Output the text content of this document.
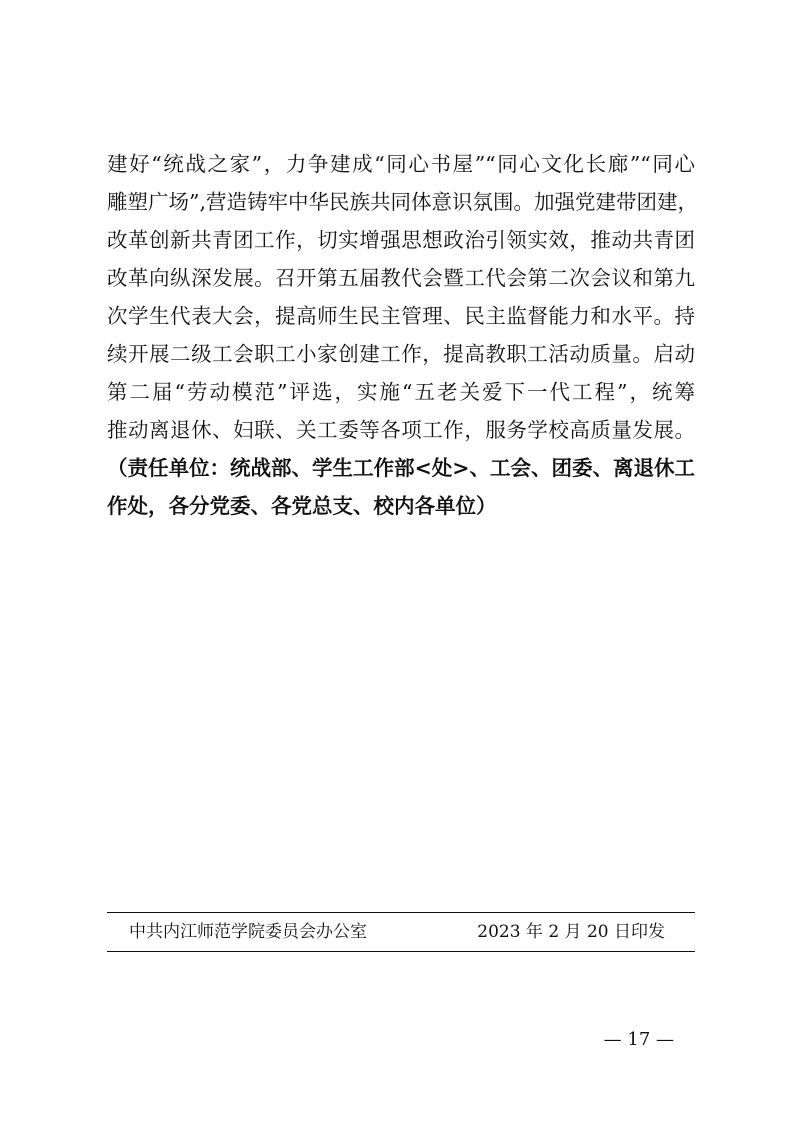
建好“统战之家”，力争建成“同心书屋”“同心文化长廊”“同心
雕塑广场”,营造铸牢中华民族共同体意识氛围。加强党建带团建，
改革创新共青团工作，切实增强思想政治引领实效，推动共青团
改革向纵深发展。召开第五届教代会暨工代会第二次会议和第九
次学生代表大会，提高师生民主管理、民主监督能力和水平。持
续开展二级工会职工小家创建工作，提高教职工活动质量。启动
第二届“劳动模范”评选，实施“五老关爱下一代工程”，统筹
推动离退休、妇联、关工委等各项工作，服务学校高质量发展。
（责任单位：统战部、学生工作部<处>、工会、团委、离退休工
作处，各分党委、各党总支、校内各单位）
中共内江师范学院委员会办公室	2023 年 2 月 20 日印发
— 17 —
